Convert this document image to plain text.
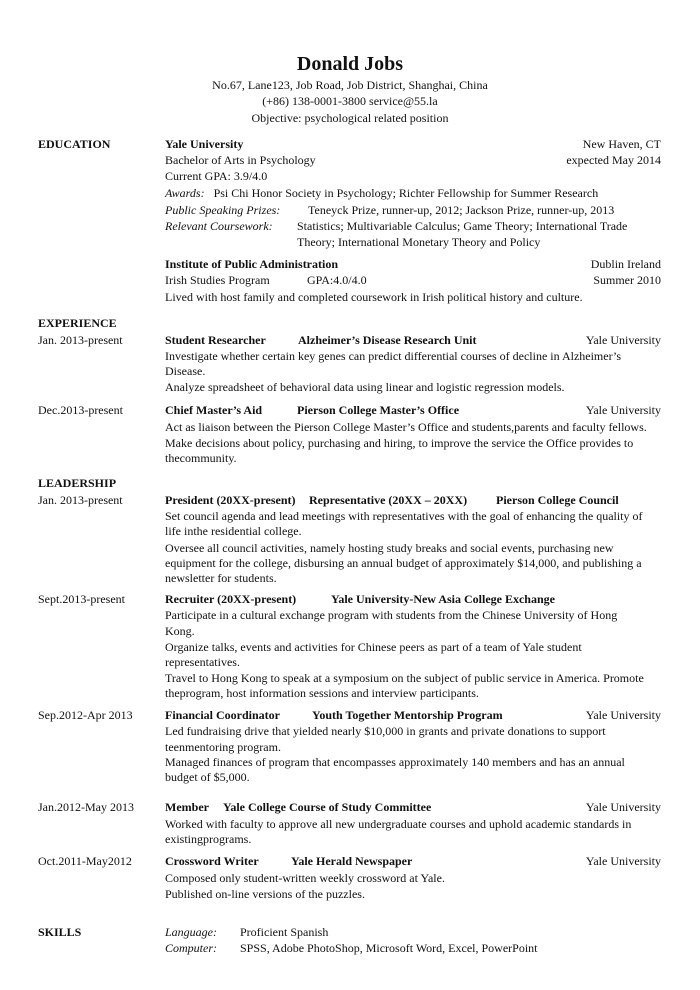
Donald Jobs
No.67, Lane123, Job Road, Job District, Shanghai, China
(+86) 138-0001-3800 service@55.la
Objective: psychological related position
EDUCATION	Yale University	New Haven, CT
Bachelor of Arts in Psychology	expected May 2014
Current GPA: 3.9/4.0
Awards: Psi Chi Honor Society in Psychology; Richter Fellowship for Summer Research
Public Speaking Prizes: Teneyck Prize, runner-up, 2012; Jackson Prize, runner-up, 2013
Relevant Coursework: Statistics; Multivariable Calculus; Game Theory; International Trade
Theory; International Monetary Theory and Policy
Institute of Public Administration	Dublin Ireland
Irish Studies Program	GPA:4.0/4.0	Summer 2010
Lived with host family and completed coursework in Irish political history and culture.
EXPERIENCE
Jan. 2013-present	Student Researcher	Alzheimer’s Disease Research Unit	Yale University
Investigate whether certain key genes can predict differential courses of decline in Alzheimer’s
Disease.
Analyze spreadsheet of behavioral data using linear and logistic regression models.
Dec.2013-present	Chief Master’s Aid	Pierson College Master’s Office	Yale University
Act as liaison between the Pierson College Master’s Office and students,parents and faculty fellows.
Make decisions about policy, purchasing and hiring, to improve the service the Office provides to
thecommunity.
LEADERSHIP
Jan. 2013-present	President (20XX-present) Representative (20XX – 20XX) Pierson College Council
Set council agenda and lead meetings with representatives with the goal of enhancing the quality of
life inthe residential college.
Oversee all council activities, namely hosting study breaks and social events, purchasing new
equipment for the college, disbursing an annual budget of approximately $14,000, and publishing a
newsletter for students.
Sept.2013-present	Recruiter (20XX-present)	Yale University-New Asia College Exchange
Participate in a cultural exchange program with students from the Chinese University of Hong
Kong.
Organize talks, events and activities for Chinese peers as part of a team of Yale student
representatives.
Travel to Hong Kong to speak at a symposium on the subject of public service in America. Promote
theprogram, host information sessions and interview participants.
Sep.2012-Apr 2013	Financial Coordinator	Youth Together Mentorship Program	Yale University
Led fundraising drive that yielded nearly $10,000 in grants and private donations to support
teenmentoring program.
Managed finances of program that encompasses approximately 140 members and has an annual
budget of $5,000.
Jan.2012-May 2013	Member Yale College Course of Study Committee	Yale University
Worked with faculty to approve all new undergraduate courses and uphold academic standards in
existingprograms.
Oct.2011-May2012	Crossword Writer	Yale Herald Newspaper	Yale University
Composed only student-written weekly crossword at Yale.
Published on-line versions of the puzzles.
SKILLS	Language: Proficient Spanish
Computer: SPSS, Adobe PhotoShop, Microsoft Word, Excel, PowerPoint
